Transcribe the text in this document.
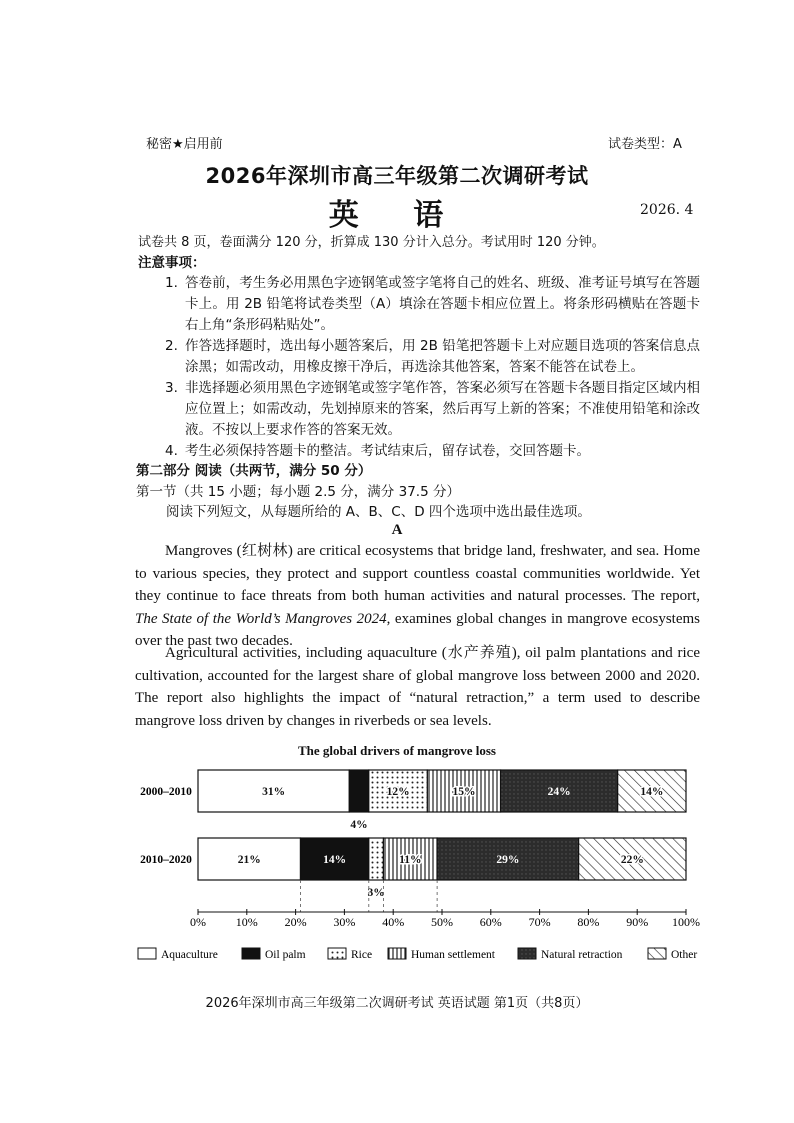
秘密★启用前	试卷类型：A
2026年深圳市高三年级第二次调研考试
英 语	2026. 4
试卷共 8 页，卷面满分 120 分，折算成 130 分计入总分。考试用时 120 分钟。
注意事项：
1. 答卷前，考生务必用黑色字迹钢笔或签字笔将自己的姓名、班级、准考证号填写在答题卡上。用 2B 铅笔将试卷类型（A）填涂在答题卡相应位置上。将条形码横贴在答题卡右上角“条形码粘贴处”。
2. 作答选择题时，选出每小题答案后，用 2B 铅笔把答题卡上对应题目选项的答案信息点涂黑；如需改动，用橡皮擦干净后，再选涂其他答案，答案不能答在试卷上。
3. 非选择题必须用黑色字迹钢笔或签字笔作答，答案必须写在答题卡各题目指定区域内相应位置上；如需改动，先划掉原来的答案，然后再写上新的答案；不准使用铅笔和涂改液。不按以上要求作答的答案无效。
4. 考生必须保持答题卡的整洁。考试结束后，留存试卷，交回答题卡。
第二部分 阅读（共两节，满分 50 分）
第一节（共 15 小题；每小题 2.5 分，满分 37.5 分）
阅读下列短文，从每题所给的 A、B、C、D 四个选项中选出最佳选项。
A
Mangroves (红树林) are critical ecosystems that bridge land, freshwater, and sea. Home to various species, they protect and support countless coastal communities worldwide. Yet they continue to face threats from both human activities and natural processes. The report, The State of the World’s Mangroves 2024, examines global changes in mangrove ecosystems over the past two decades.
Agricultural activities, including aquaculture (水产养殖), oil palm plantations and rice cultivation, accounted for the largest share of global mangrove loss between 2000 and 2020. The report also highlights the impact of “natural retraction,” a term used to describe mangrove loss driven by changes in riverbeds or sea levels.
The global drivers of mangrove loss
2000–2010	31%
4%
12%	15%	24%	14%
2010–2020	21%	14%
3%
11%	29%	22%
0% 10% 20% 30% 40% 50% 60% 70% 80% 90% 100%
Aquaculture	Oil palm	Rice	Human settlement	Natural retraction	Other
2026年深圳市高三年级第二次调研考试 英语试题 第1页（共8页）
